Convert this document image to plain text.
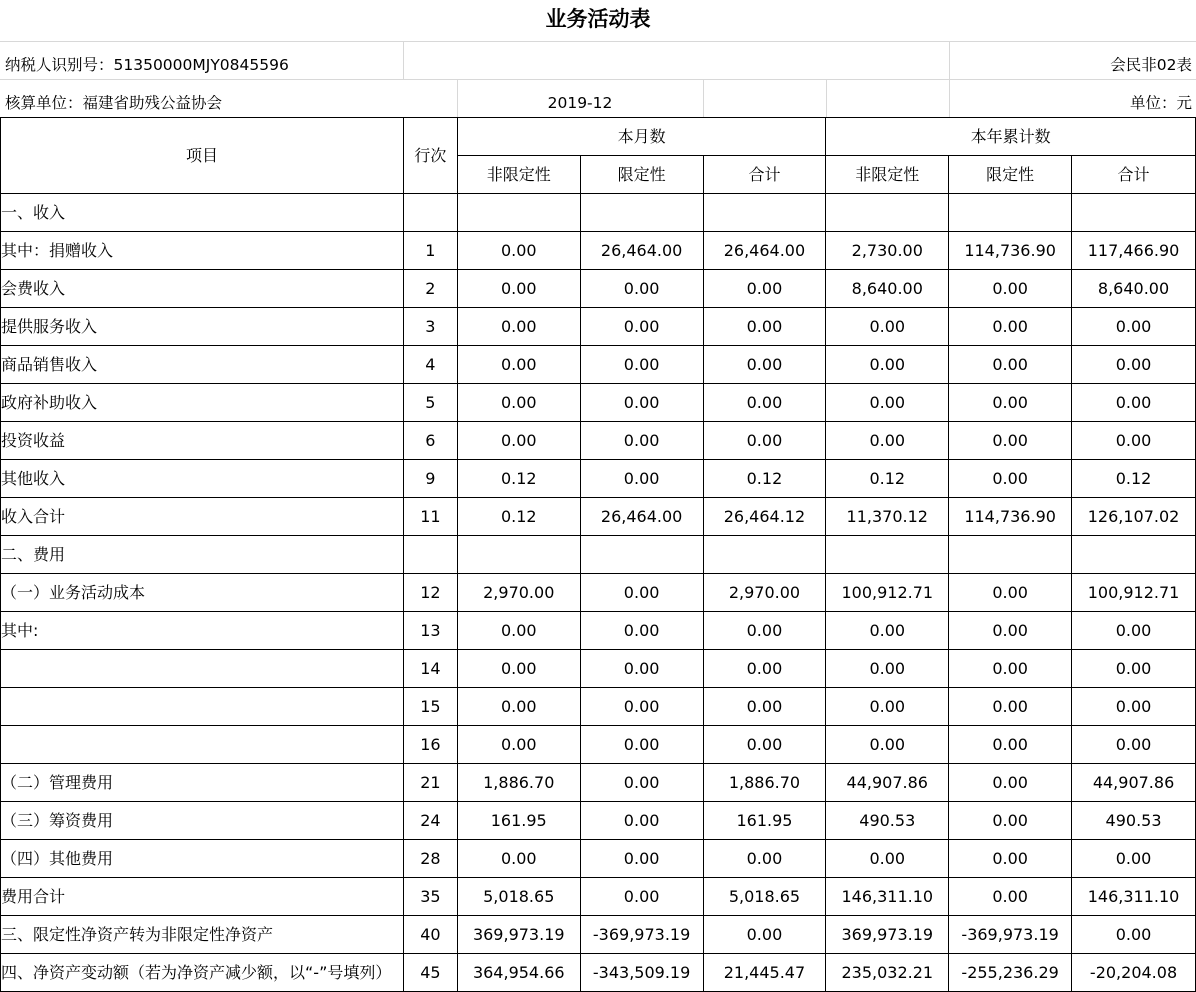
业务活动表
纳税人识别号：51350000MJY0845596	会民非02表
核算单位：福建省助残公益协会	2019-12	单位：元
项目	行次	本月数			本年累计数		
		非限定性	限定性	合计	非限定性	限定性	合计
一、收入							
其中：捐赠收入	1	0.00	26,464.00	26,464.00	2,730.00	114,736.90	117,466.90
会费收入	2	0.00	0.00	0.00	8,640.00	0.00	8,640.00
提供服务收入	3	0.00	0.00	0.00	0.00	0.00	0.00
商品销售收入	4	0.00	0.00	0.00	0.00	0.00	0.00
政府补助收入	5	0.00	0.00	0.00	0.00	0.00	0.00
投资收益	6	0.00	0.00	0.00	0.00	0.00	0.00
其他收入	9	0.12	0.00	0.12	0.12	0.00	0.12
收入合计	11	0.12	26,464.00	26,464.12	11,370.12	114,736.90	126,107.02
二、费用							
（一）业务活动成本	12	2,970.00	0.00	2,970.00	100,912.71	0.00	100,912.71
其中:	13	0.00	0.00	0.00	0.00	0.00	0.00
	14	0.00	0.00	0.00	0.00	0.00	0.00
	15	0.00	0.00	0.00	0.00	0.00	0.00
	16	0.00	0.00	0.00	0.00	0.00	0.00
（二）管理费用	21	1,886.70	0.00	1,886.70	44,907.86	0.00	44,907.86
（三）筹资费用	24	161.95	0.00	161.95	490.53	0.00	490.53
（四）其他费用	28	0.00	0.00	0.00	0.00	0.00	0.00
费用合计	35	5,018.65	0.00	5,018.65	146,311.10	0.00	146,311.10
三、限定性净资产转为非限定性净资产	40	369,973.19	-369,973.19	0.00	369,973.19	-369,973.19	0.00
四、净资产变动额（若为净资产减少额，以“-”号填列）	45	364,954.66	-343,509.19	21,445.47	235,032.21	-255,236.29	-20,204.08
